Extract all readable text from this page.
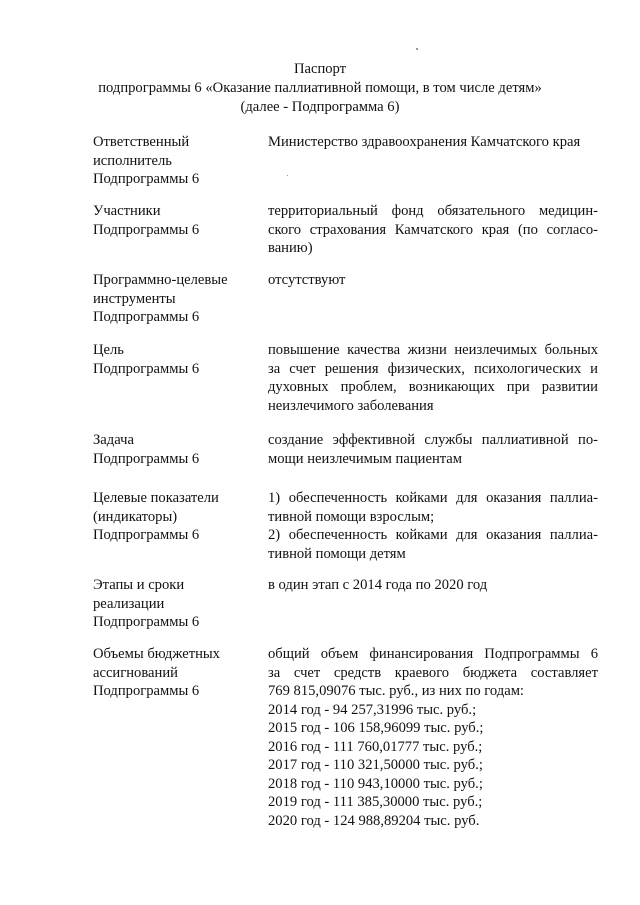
Паспорт
подпрограммы 6 «Оказание паллиативной помощи, в том числе детям»
(далее - Подпрограмма 6)
Ответственный
исполнитель
Подпрограммы 6
Министерство здравоохранения Камчатского края
Участники
Подпрограммы 6
территориальный фонд обязательного медицин-
ского страхования Камчатского края (по согласо-
ванию)
Программно-целевые
инструменты
Подпрограммы 6
отсутствуют
Цель
Подпрограммы 6
повышение качества жизни неизлечимых больных
за счет решения физических, психологических и
духовных проблем, возникающих при развитии
неизлечимого заболевания
Задача
Подпрограммы 6
создание эффективной службы паллиативной по-
мощи неизлечимым пациентам
Целевые показатели
(индикаторы)
Подпрограммы 6
1) обеспеченность койками для оказания паллиа-
тивной помощи взрослым;
2) обеспеченность койками для оказания паллиа-
тивной помощи детям
Этапы и сроки
реализации
Подпрограммы 6
в один этап с 2014 года по 2020 год
Объемы бюджетных
ассигнований
Подпрограммы 6
общий объем финансирования Подпрограммы 6
за счет средств краевого бюджета составляет
769 815,09076 тыс. руб., из них по годам:
2014 год - 94 257,31996 тыс. руб.;
2015 год - 106 158,96099 тыс. руб.;
2016 год - 111 760,01777 тыс. руб.;
2017 год - 110 321,50000 тыс. руб.;
2018 год - 110 943,10000 тыс. руб.;
2019 год - 111 385,30000 тыс. руб.;
2020 год - 124 988,89204 тыс. руб.
